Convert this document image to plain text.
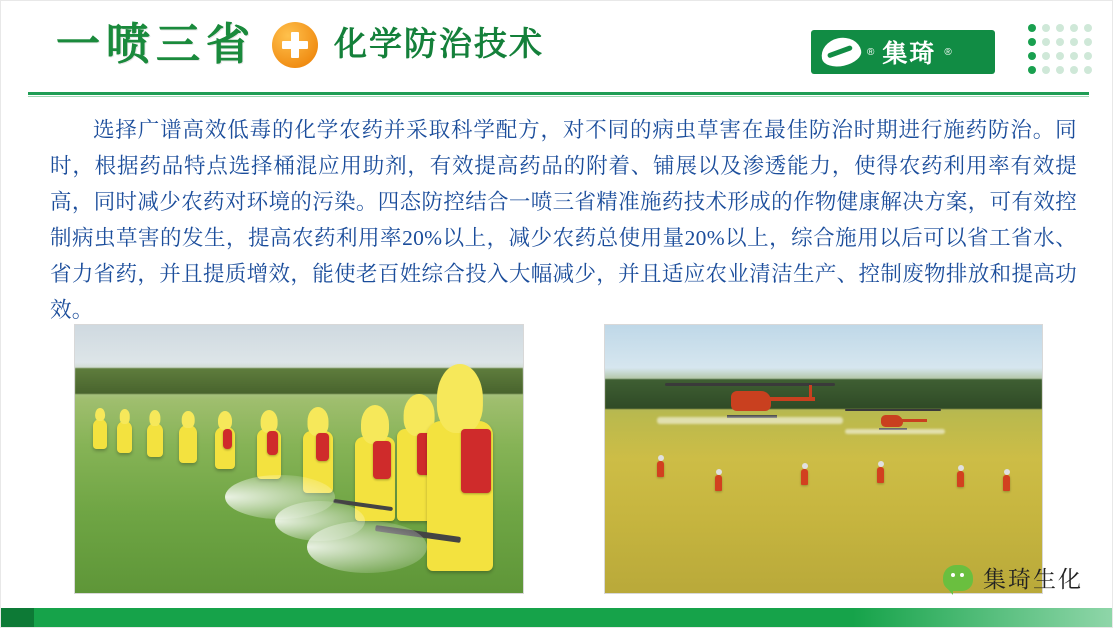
一喷三省 化学防治技术	® 集琦 ®
选择广谱高效低毒的化学农药并采取科学配方，对不同的病虫草害在最佳防治时期进行施药防治。同时，根据药品特点选择桶混应用助剂，有效提高药品的附着、铺展以及渗透能力，使得农药利用率有效提高，同时减少农药对环境的污染。四态防控结合一喷三省精准施药技术形成的作物健康解决方案，可有效控制病虫草害的发生，提高农药利用率20%以上，减少农药总使用量20%以上，综合施用以后可以省工省水、省力省药，并且提质增效，能使老百姓综合投入大幅减少，并且适应农业清洁生产、控制废物排放和提高功效。
集琦生化
